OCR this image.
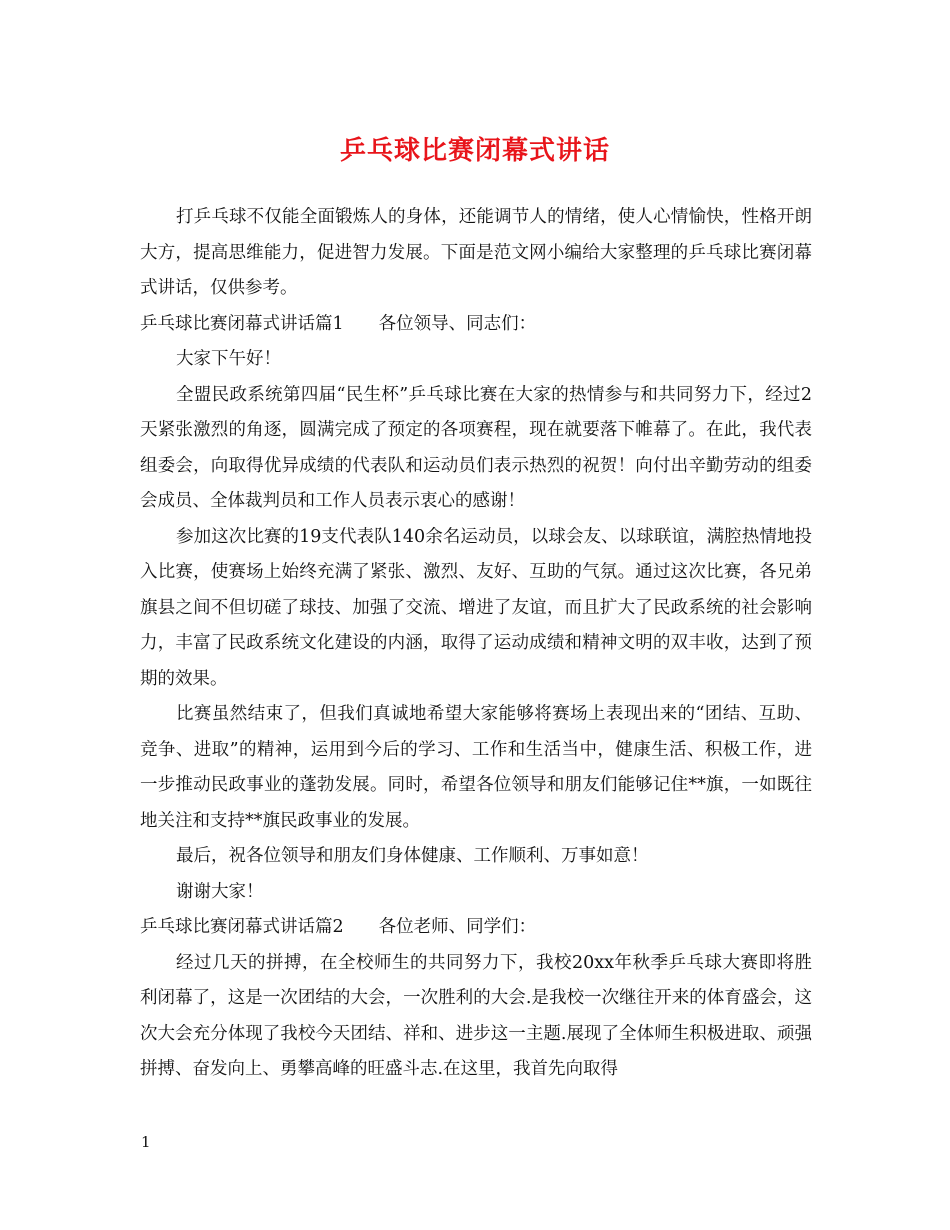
乒乓球比赛闭幕式讲话

打乒乓球不仅能全面锻炼人的身体，还能调节人的情绪，使人心情愉快，性格开朗大方，提高思维能力，促进智力发展。下面是范文网小编给大家整理的乒乓球比赛闭幕式讲话，仅供参考。

乒乓球比赛闭幕式讲话篇1　　各位领导、同志们：

大家下午好！

全盟民政系统第四届“民生杯”乒乓球比赛在大家的热情参与和共同努力下，经过2天紧张激烈的角逐，圆满完成了预定的各项赛程，现在就要落下帷幕了。在此，我代表组委会，向取得优异成绩的代表队和运动员们表示热烈的祝贺！向付出辛勤劳动的组委会成员、全体裁判员和工作人员表示衷心的感谢！

参加这次比赛的19支代表队140余名运动员，以球会友、以球联谊，满腔热情地投入比赛，使赛场上始终充满了紧张、激烈、友好、互助的气氛。通过这次比赛，各兄弟旗县之间不但切磋了球技、加强了交流、增进了友谊，而且扩大了民政系统的社会影响力，丰富了民政系统文化建设的内涵，取得了运动成绩和精神文明的双丰收，达到了预期的效果。

比赛虽然结束了，但我们真诚地希望大家能够将赛场上表现出来的“团结、互助、竞争、进取”的精神，运用到今后的学习、工作和生活当中，健康生活、积极工作，进一步推动民政事业的蓬勃发展。同时，希望各位领导和朋友们能够记住**旗，一如既往地关注和支持**旗民政事业的发展。

最后，祝各位领导和朋友们身体健康、工作顺利、万事如意！

谢谢大家！

乒乓球比赛闭幕式讲话篇2　　各位老师、同学们：

经过几天的拼搏，在全校师生的共同努力下，我校20xx年秋季乒乓球大赛即将胜利闭幕了，这是一次团结的大会，一次胜利的大会.是我校一次继往开来的体育盛会，这次大会充分体现了我校今天团结、祥和、进步这一主题.展现了全体师生积极进取、顽强拼搏、奋发向上、勇攀高峰的旺盛斗志.在这里，我首先向取得

1
